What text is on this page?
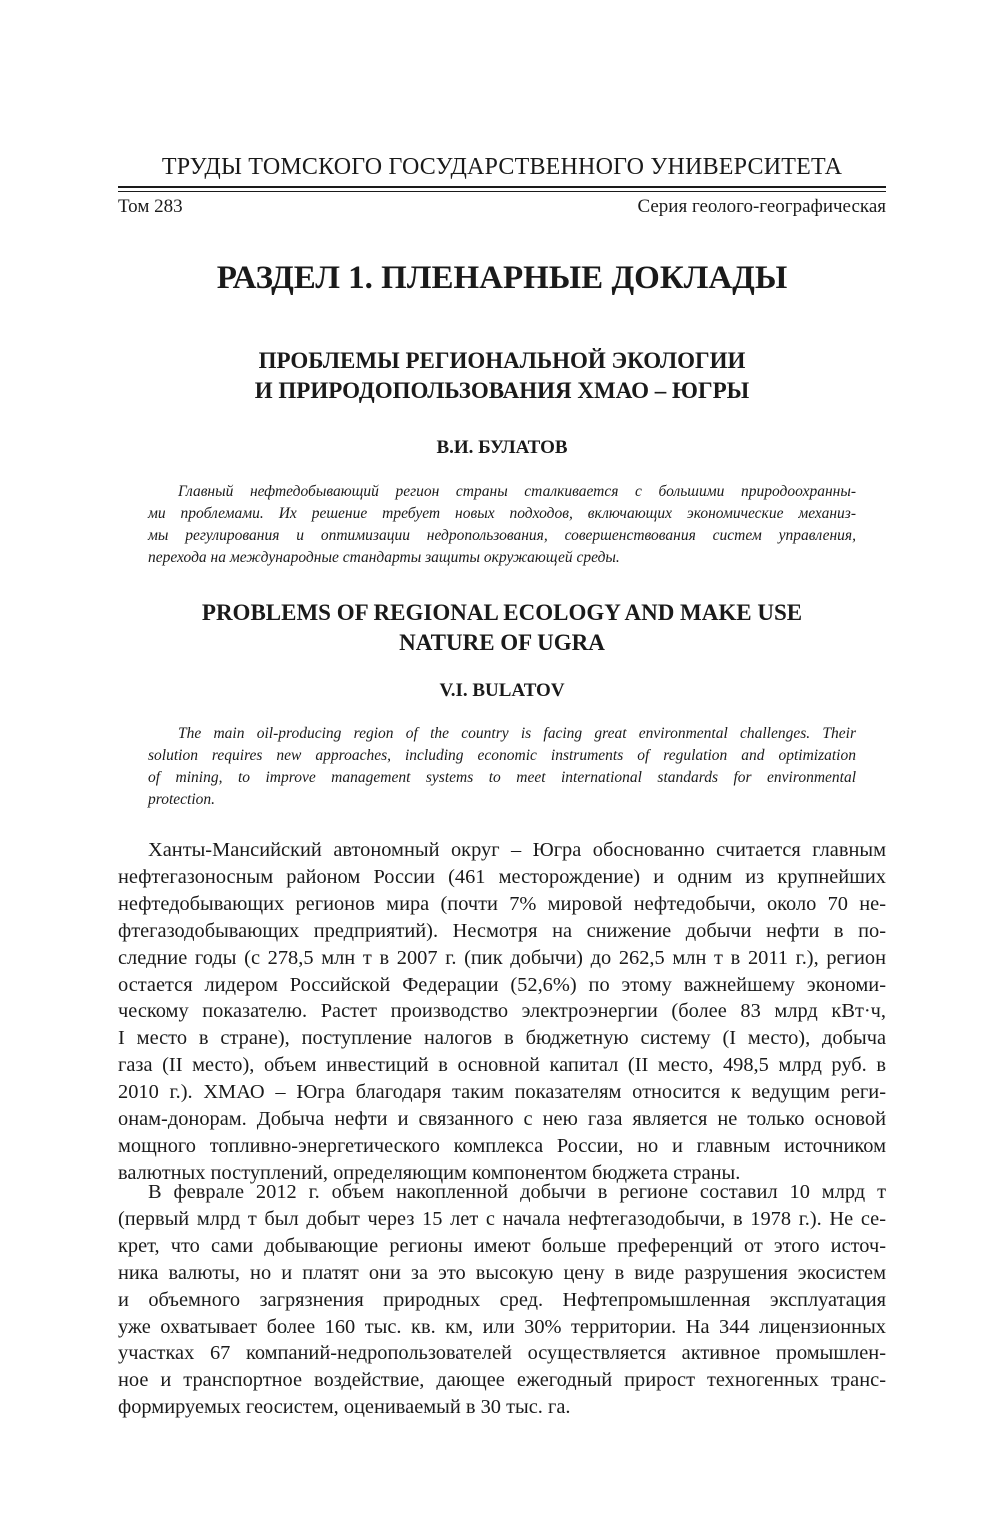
ТРУДЫ ТОМСКОГО ГОСУДАРСТВЕННОГО УНИВЕРСИТЕТА
Том 283	Серия геолого-географическая
РАЗДЕЛ 1. ПЛЕНАРНЫЕ ДОКЛАДЫ
ПРОБЛЕМЫ РЕГИОНАЛЬНОЙ ЭКОЛОГИИ
И ПРИРОДОПОЛЬЗОВАНИЯ ХМАО – ЮГРЫ
В.И. БУЛАТОВ
Главный нефтедобывающий регион страны сталкивается с большими природоохранны-
ми проблемами. Их решение требует новых подходов, включающих экономические механиз-
мы регулирования и оптимизации недропользования, совершенствования систем управления,
перехода на международные стандарты защиты окружающей среды.
PROBLEMS OF REGIONAL ECOLOGY AND MAKE USE
NATURE OF UGRA
V.I. BULATOV
The main oil-producing region of the country is facing great environmental challenges. Their
solution requires new approaches, including economic instruments of regulation and optimization
of mining, to improve management systems to meet international standards for environmental
protection.
Ханты-Мансийский автономный округ – Югра обоснованно считается главным
нефтегазоносным районом России (461 месторождение) и одним из крупнейших
нефтедобывающих регионов мира (почти 7% мировой нефтедобычи, около 70 не-
фтегазодобывающих предприятий). Несмотря на снижение добычи нефти в по-
следние годы (с 278,5 млн т в 2007 г. (пик добычи) до 262,5 млн т в 2011 г.), регион
остается лидером Российской Федерации (52,6%) по этому важнейшему экономи-
ческому показателю. Растет производство электроэнергии (более 83 млрд кВт·ч,
I место в стране), поступление налогов в бюджетную систему (I место), добыча
газа (II место), объем инвестиций в основной капитал (II место, 498,5 млрд руб. в
2010 г.). ХМАО – Югра благодаря таким показателям относится к ведущим реги-
онам-донорам. Добыча нефти и связанного с нею газа является не только основой
мощного топливно-энергетического комплекса России, но и главным источником
валютных поступлений, определяющим компонентом бюджета страны.
В феврале 2012 г. объем накопленной добычи в регионе составил 10 млрд т
(первый млрд т был добыт через 15 лет с начала нефтегазодобычи, в 1978 г.). Не се-
крет, что сами добывающие регионы имеют больше преференций от этого источ-
ника валюты, но и платят они за это высокую цену в виде разрушения экосистем
и объемного загрязнения природных сред. Нефтепромышленная эксплуатация
уже охватывает более 160 тыс. кв. км, или 30% территории. На 344 лицензионных
участках 67 компаний-недропользователей осуществляется активное промышлен-
ное и транспортное воздействие, дающее ежегодный прирост техногенных транс-
формируемых геосистем, оцениваемый в 30 тыс. га.
